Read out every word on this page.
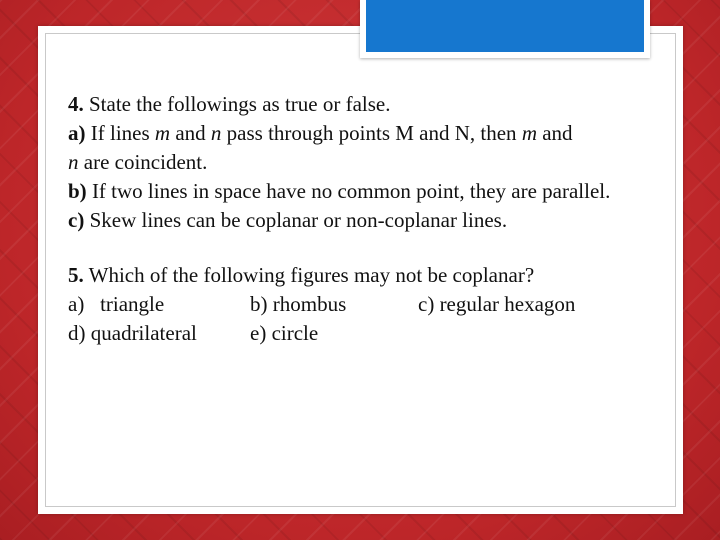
4. State the followings as true or false.

a) If lines m and n pass through points M and N, then m and
n are coincident.

b) If two lines in space have no common point, they are parallel.

c) Skew lines can be coplanar or non-coplanar lines.

5. Which of the following figures may not be coplanar?

a)   triangle	b) rhombus	c) regular hexagon
d) quadrilateral	e) circle
